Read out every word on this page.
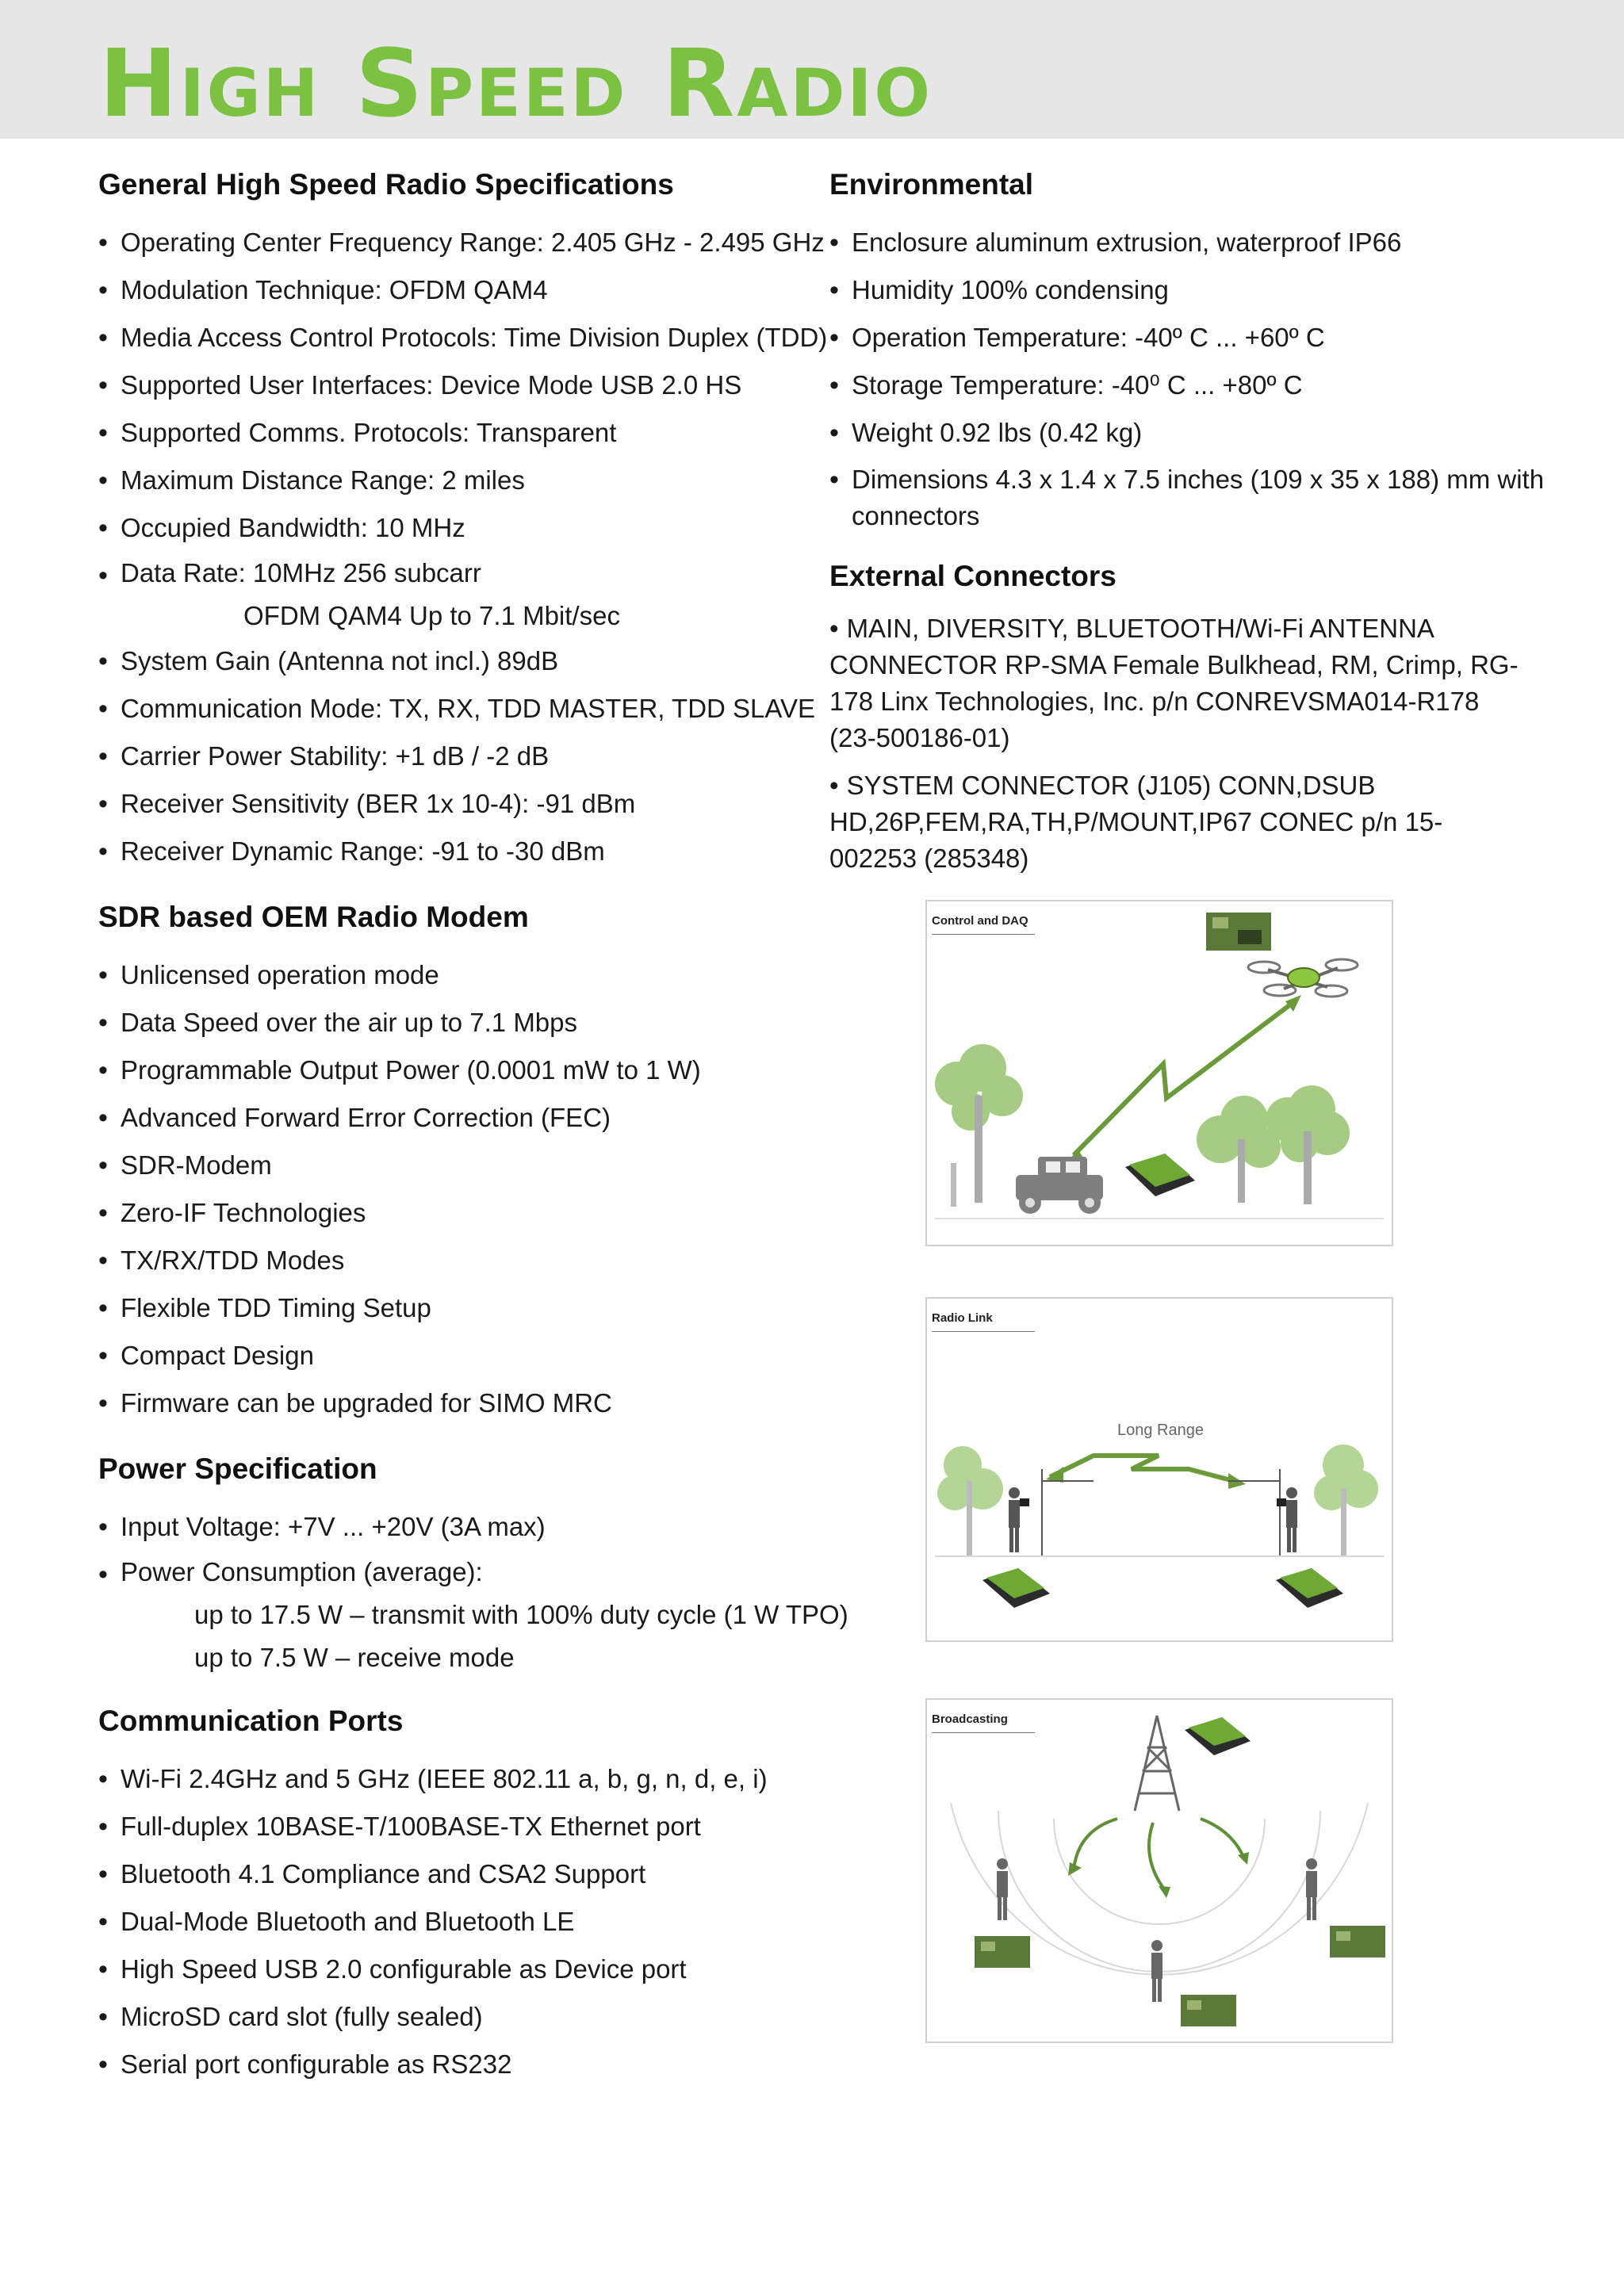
High Speed Radio
General High Speed Radio Specifications
• Operating Center Frequency Range: 2.405 GHz - 2.495 GHz
• Modulation Technique: OFDM QAM4
• Media Access Control Protocols: Time Division Duplex (TDD)
• Supported User Interfaces: Device Mode USB 2.0 HS
• Supported Comms. Protocols: Transparent
• Maximum Distance Range: 2 miles
• Occupied Bandwidth: 10 MHz
• Data Rate: 10MHz 256 subcarr
OFDM QAM4 Up to 7.1 Mbit/sec
• System Gain (Antenna not incl.) 89dB
• Communication Mode: TX, RX, TDD MASTER, TDD SLAVE
• Carrier Power Stability: +1 dB / -2 dB
• Receiver Sensitivity (BER 1x 10-4): -91 dBm
• Receiver Dynamic Range: -91 to -30 dBm
SDR based OEM Radio Modem
• Unlicensed operation mode
• Data Speed over the air up to 7.1 Mbps
• Programmable Output Power (0.0001 mW to 1 W)
• Advanced Forward Error Correction (FEC)
• SDR-Modem
• Zero-IF Technologies
• TX/RX/TDD Modes
• Flexible TDD Timing Setup
• Compact Design
• Firmware can be upgraded for SIMO MRC
Power Specification
• Input Voltage: +7V ... +20V (3A max)
• Power Consumption (average):
up to 17.5 W – transmit with 100% duty cycle (1 W TPO)
up to 7.5 W – receive mode
Communication Ports
• Wi-Fi 2.4GHz and 5 GHz (IEEE 802.11 a, b, g, n, d, e, i)
• Full-duplex 10BASE-T/100BASE-TX Ethernet port
• Bluetooth 4.1 Compliance and CSA2 Support
• Dual-Mode Bluetooth and Bluetooth LE
• High Speed USB 2.0 configurable as Device port
• MicroSD card slot (fully sealed)
• Serial port configurable as RS232
Environmental
• Enclosure aluminum extrusion, waterproof IP66
• Humidity 100% condensing
• Operation Temperature: -40º C ... +60º C
• Storage Temperature: -40⁰ C ... +80º C
• Weight 0.92 lbs (0.42 kg)
• Dimensions 4.3 x 1.4 x 7.5 inches (109 x 35 x 188) mm with connectors
External Connectors
• MAIN, DIVERSITY, BLUETOOTH/Wi-Fi ANTENNA CONNECTOR RP-SMA Female Bulkhead, RM, Crimp, RG-178 Linx Technologies, Inc. p/n CONREVSMA014-R178 (23-500186-01)
• SYSTEM CONNECTOR (J105) CONN,DSUB HD,26P,FEM,RA,TH,P/MOUNT,IP67 CONEC p/n 15-002253 (285348)
Control and DAQ
Radio Link
Long Range
Broadcasting
